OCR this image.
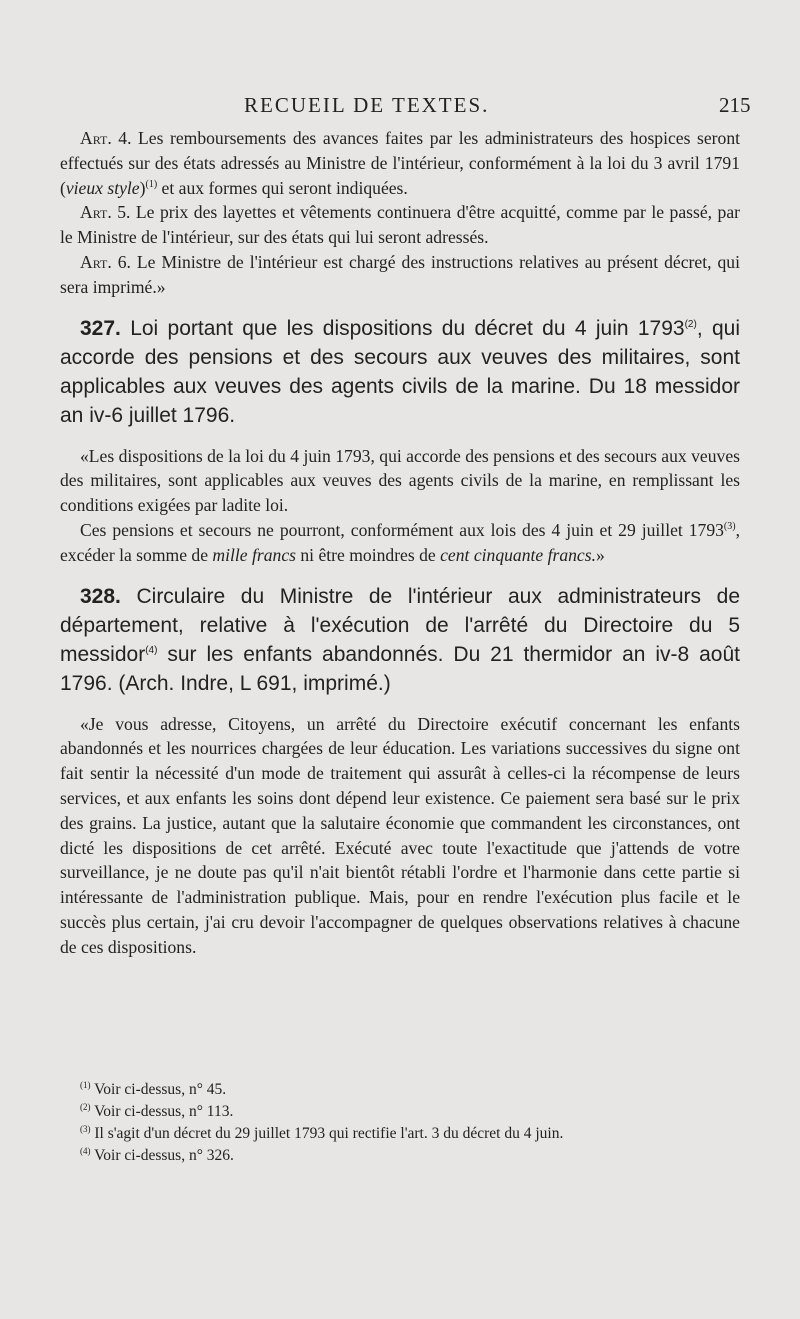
RECUEIL DE TEXTES.	215

Art. 4. Les remboursements des avances faites par les administrateurs des hospices seront effectués sur des états adressés au Ministre de l'intérieur, conformément à la loi du 3 avril 1791 (vieux style)$^{(1)}$ et aux formes qui seront indiquées.

Art. 5. Le prix des layettes et vêtements continuera d'être acquitté, comme par le passé, par le Ministre de l'intérieur, sur des états qui lui seront adressés.

Art. 6. Le Ministre de l'intérieur est chargé des instructions relatives au présent décret, qui sera imprimé.»

327. Loi portant que les dispositions du décret du 4 juin 1793$^{(2)}$, qui accorde des pensions et des secours aux veuves des militaires, sont applicables aux veuves des agents civils de la marine. Du 18 messidor an iv-6 juillet 1796.

«Les dispositions de la loi du 4 juin 1793, qui accorde des pensions et des secours aux veuves des militaires, sont applicables aux veuves des agents civils de la marine, en remplissant les conditions exigées par ladite loi.

Ces pensions et secours ne pourront, conformément aux lois des 4 juin et 29 juillet 1793$^{(3)}$, excéder la somme de mille francs ni être moindres de cent cinquante francs.»

328. Circulaire du Ministre de l'intérieur aux administrateurs de département, relative à l'exécution de l'arrêté du Directoire du 5 messidor$^{(4)}$ sur les enfants abandonnés. Du 21 thermidor an iv-8 août 1796. (Arch. Indre, L 691, imprimé.)

«Je vous adresse, Citoyens, un arrêté du Directoire exécutif concernant les enfants abandonnés et les nourrices chargées de leur éducation. Les variations successives du signe ont fait sentir la nécessité d'un mode de traitement qui assurât à celles-ci la récompense de leurs services, et aux enfants les soins dont dépend leur existence. Ce paiement sera basé sur le prix des grains. La justice, autant que la salutaire économie que commandent les circonstances, ont dicté les dispositions de cet arrêté. Exécuté avec toute l'exactitude que j'attends de votre surveillance, je ne doute pas qu'il n'ait bientôt rétabli l'ordre et l'harmonie dans cette partie si intéressante de l'administration publique. Mais, pour en rendre l'exécution plus facile et le succès plus certain, j'ai cru devoir l'accompagner de quelques observations relatives à chacune de ces dispositions.

$^{(1)}$ Voir ci-dessus, n° 45.
$^{(2)}$ Voir ci-dessus, n° 113.
$^{(3)}$ Il s'agit d'un décret du 29 juillet 1793 qui rectifie l'art. 3 du décret du 4 juin.
$^{(4)}$ Voir ci-dessus, n° 326.
